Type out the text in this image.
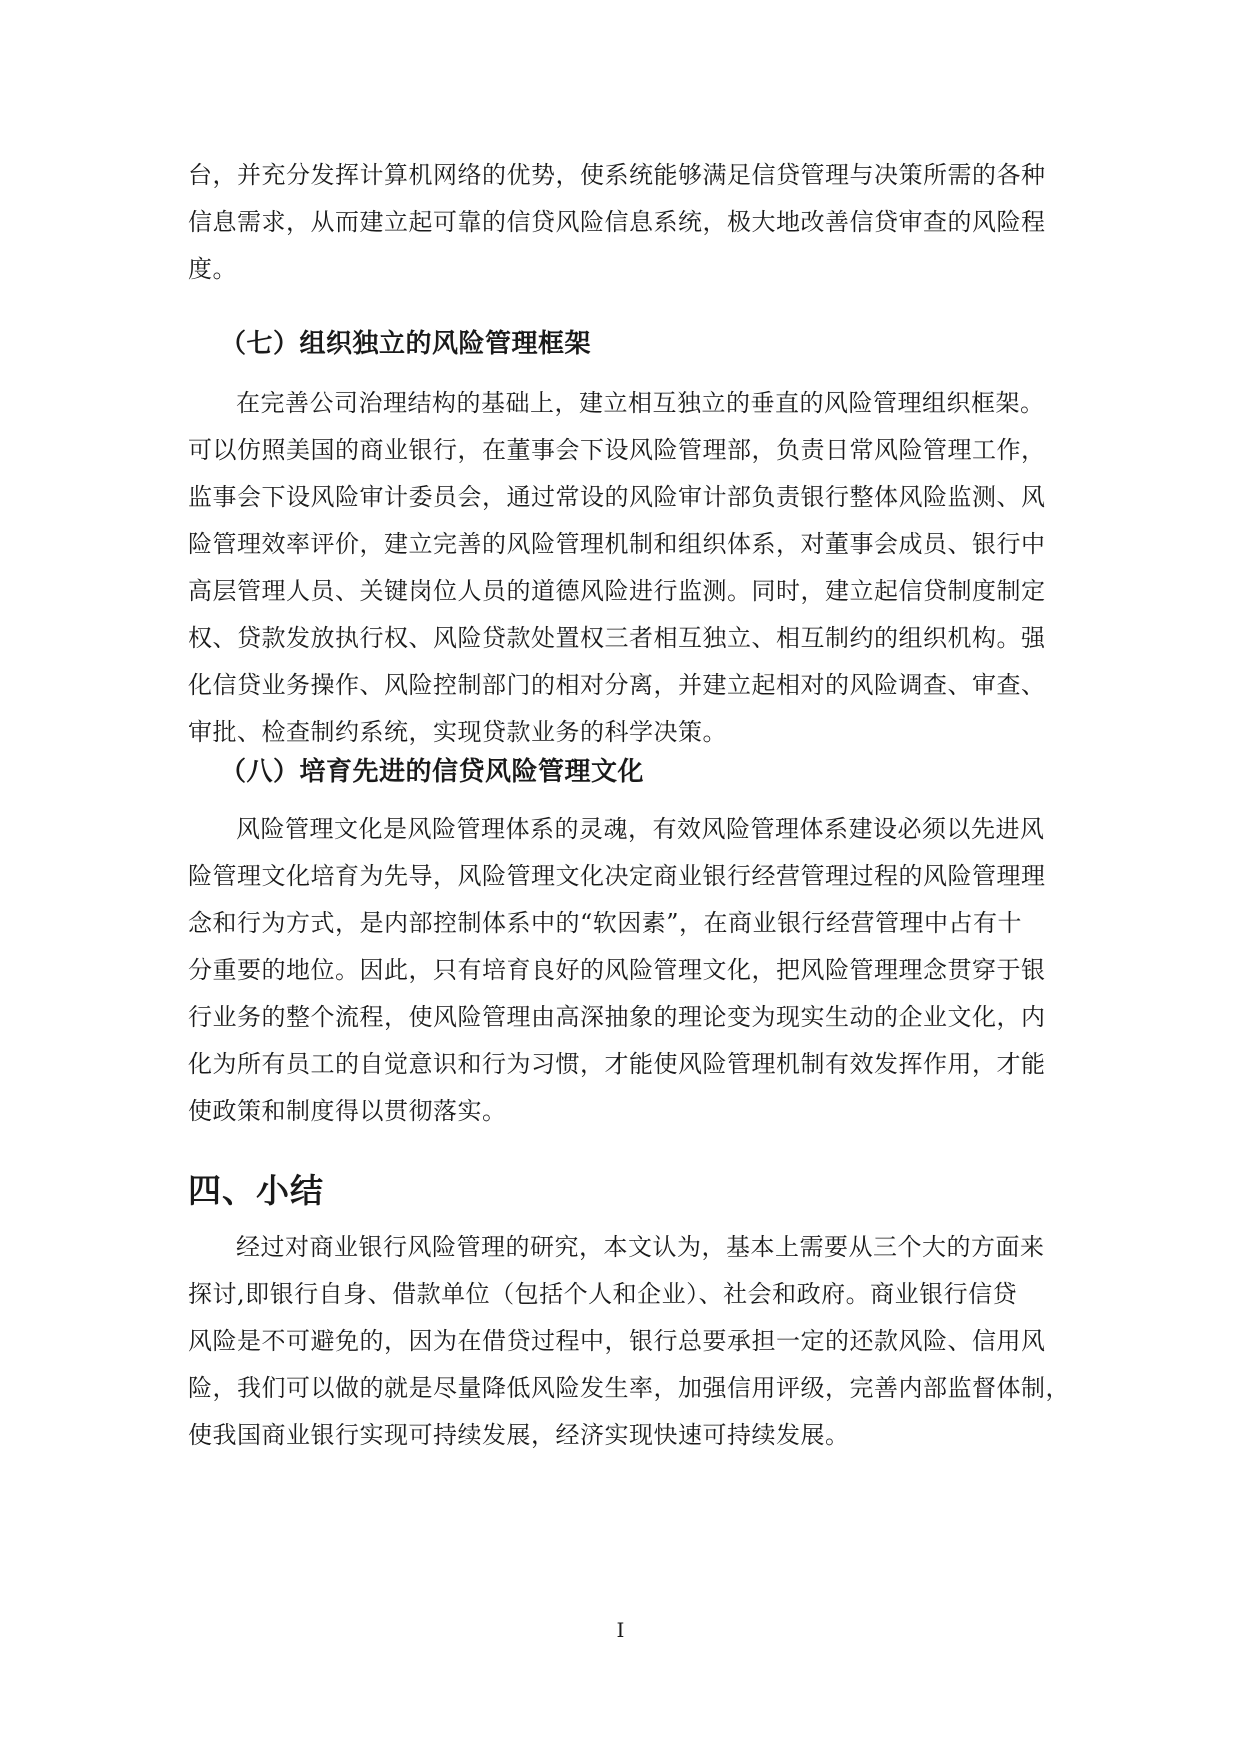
台，并充分发挥计算机网络的优势，使系统能够满足信贷管理与决策所需的各种
信息需求，从而建立起可靠的信贷风险信息系统，极大地改善信贷审查的风险程
度。

（七）组织独立的风险管理框架

在完善公司治理结构的基础上，建立相互独立的垂直的风险管理组织框架。
可以仿照美国的商业银行，在董事会下设风险管理部，负责日常风险管理工作，
监事会下设风险审计委员会，通过常设的风险审计部负责银行整体风险监测、风
险管理效率评价，建立完善的风险管理机制和组织体系，对董事会成员、银行中
高层管理人员、关键岗位人员的道德风险进行监测。同时，建立起信贷制度制定
权、贷款发放执行权、风险贷款处置权三者相互独立、相互制约的组织机构。强
化信贷业务操作、风险控制部门的相对分离，并建立起相对的风险调查、审查、
审批、检查制约系统，实现贷款业务的科学决策。

（八）培育先进的信贷风险管理文化

风险管理文化是风险管理体系的灵魂，有效风险管理体系建设必须以先进风
险管理文化培育为先导，风险管理文化决定商业银行经营管理过程的风险管理理
念和行为方式，是内部控制体系中的“软因素”，在商业银行经营管理中占有十
分重要的地位。因此，只有培育良好的风险管理文化，把风险管理理念贯穿于银
行业务的整个流程，使风险管理由高深抽象的理论变为现实生动的企业文化，内
化为所有员工的自觉意识和行为习惯，才能使风险管理机制有效发挥作用，才能
使政策和制度得以贯彻落实。

四、小结

经过对商业银行风险管理的研究，本文认为，基本上需要从三个大的方面来
探讨,即银行自身、借款单位（包括个人和企业）、社会和政府。商业银行信贷
风险是不可避免的，因为在借贷过程中，银行总要承担一定的还款风险、信用风
险，我们可以做的就是尽量降低风险发生率，加强信用评级，完善内部监督体制，
使我国商业银行实现可持续发展，经济实现快速可持续发展。

I
